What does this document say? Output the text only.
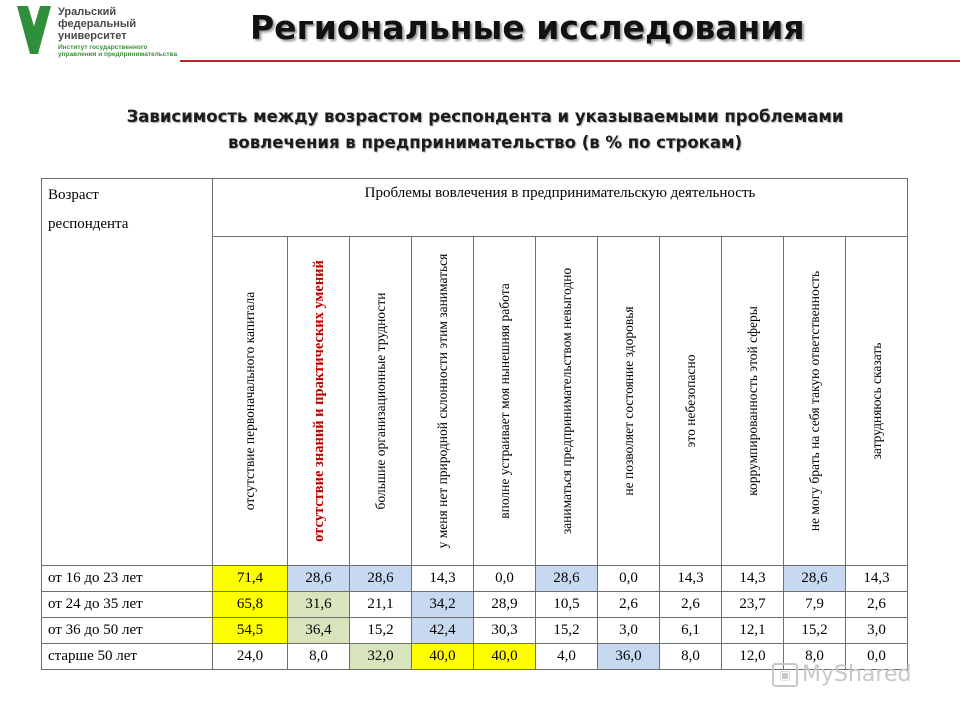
Уральский
федеральный
университет
Институт государственного
управления и предпринимательства
Региональные исследования
Зависимость между возрастом респондента и указываемыми проблемами
вовлечения в предпринимательство (в % по строкам)
Возраст
респондента	Проблемы вовлечения в предпринимательскую деятельность										

	отсутствие первоначального капитала	отсутствие знаний и практических умений	большие организационные трудности	у меня нет природной склонности этим заниматься	вполне устраивает моя нынешняя работа	заниматься предпринимательством невыгодно	не позволяет состояние здоровья	это небезопасно	коррумпированность этой сферы	не могу брать на себя такую ответственность	затрудняюсь сказать

от 16 до 23 лет	71,4	28,6	28,6	14,3	0,0	28,6	0,0	14,3	14,3	28,6	14,3
от 24 до 35 лет	65,8	31,6	21,1	34,2	28,9	10,5	2,6	2,6	23,7	7,9	2,6
от 36 до 50 лет	54,5	36,4	15,2	42,4	30,3	15,2	3,0	6,1	12,1	15,2	3,0
старше 50 лет	24,0	8,0	32,0	40,0	40,0	4,0	36,0	8,0	12,0	8,0	0,0
▣ MyShared
